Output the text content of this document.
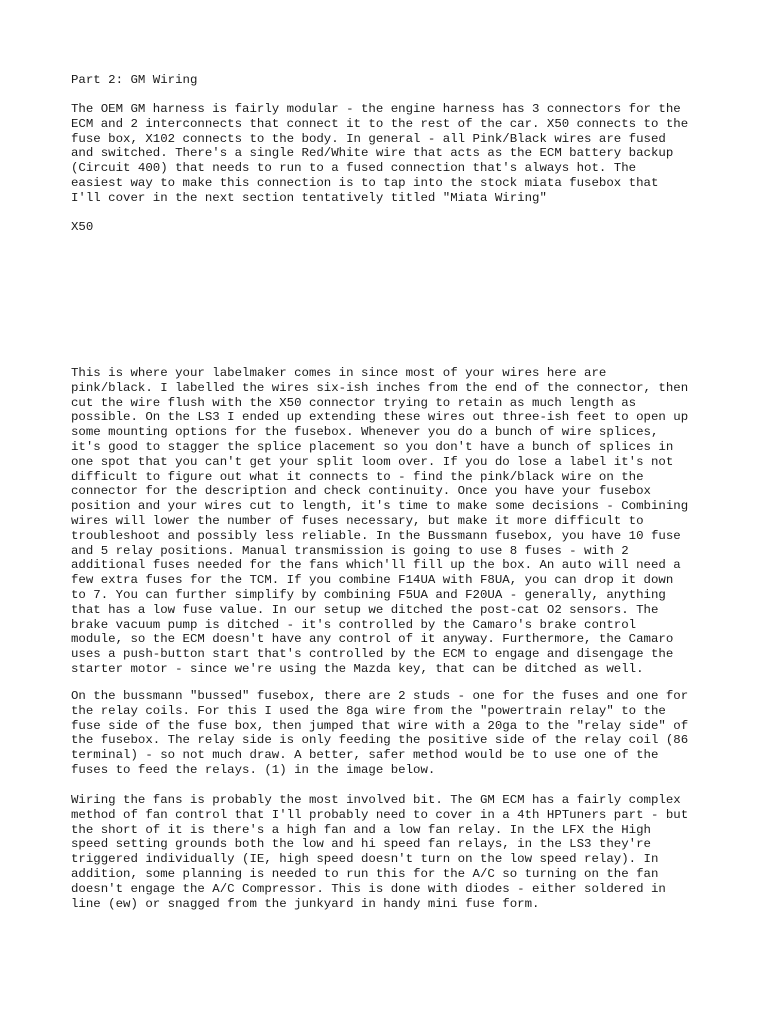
Part 2: GM Wiring

The OEM GM harness is fairly modular - the engine harness has 3 connectors for the
ECM and 2 interconnects that connect it to the rest of the car. X50 connects to the
fuse box, X102 connects to the body. In general - all Pink/Black wires are fused
and switched. There's a single Red/White wire that acts as the ECM battery backup
(Circuit 400) that needs to run to a fused connection that's always hot. The
easiest way to make this connection is to tap into the stock miata fusebox that
I'll cover in the next section tentatively titled "Miata Wiring"

X50

This is where your labelmaker comes in since most of your wires here are
pink/black. I labelled the wires six-ish inches from the end of the connector, then
cut the wire flush with the X50 connector trying to retain as much length as
possible. On the LS3 I ended up extending these wires out three-ish feet to open up
some mounting options for the fusebox. Whenever you do a bunch of wire splices,
it's good to stagger the splice placement so you don't have a bunch of splices in
one spot that you can't get your split loom over. If you do lose a label it's not
difficult to figure out what it connects to - find the pink/black wire on the
connector for the description and check continuity. Once you have your fusebox
position and your wires cut to length, it's time to make some decisions - Combining
wires will lower the number of fuses necessary, but make it more difficult to
troubleshoot and possibly less reliable. In the Bussmann fusebox, you have 10 fuse
and 5 relay positions. Manual transmission is going to use 8 fuses - with 2
additional fuses needed for the fans which'll fill up the box. An auto will need a
few extra fuses for the TCM. If you combine F14UA with F8UA, you can drop it down
to 7. You can further simplify by combining F5UA and F20UA - generally, anything
that has a low fuse value. In our setup we ditched the post-cat O2 sensors. The
brake vacuum pump is ditched - it's controlled by the Camaro's brake control
module, so the ECM doesn't have any control of it anyway. Furthermore, the Camaro
uses a push-button start that's controlled by the ECM to engage and disengage the
starter motor - since we're using the Mazda key, that can be ditched as well.

On the bussmann "bussed" fusebox, there are 2 studs - one for the fuses and one for
the relay coils. For this I used the 8ga wire from the "powertrain relay" to the
fuse side of the fuse box, then jumped that wire with a 20ga to the "relay side" of
the fusebox. The relay side is only feeding the positive side of the relay coil (86
terminal) - so not much draw. A better, safer method would be to use one of the
fuses to feed the relays. (1) in the image below.

Wiring the fans is probably the most involved bit. The GM ECM has a fairly complex
method of fan control that I'll probably need to cover in a 4th HPTuners part - but
the short of it is there's a high fan and a low fan relay. In the LFX the High
speed setting grounds both the low and hi speed fan relays, in the LS3 they're
triggered individually (IE, high speed doesn't turn on the low speed relay). In
addition, some planning is needed to run this for the A/C so turning on the fan
doesn't engage the A/C Compressor. This is done with diodes - either soldered in
line (ew) or snagged from the junkyard in handy mini fuse form.
